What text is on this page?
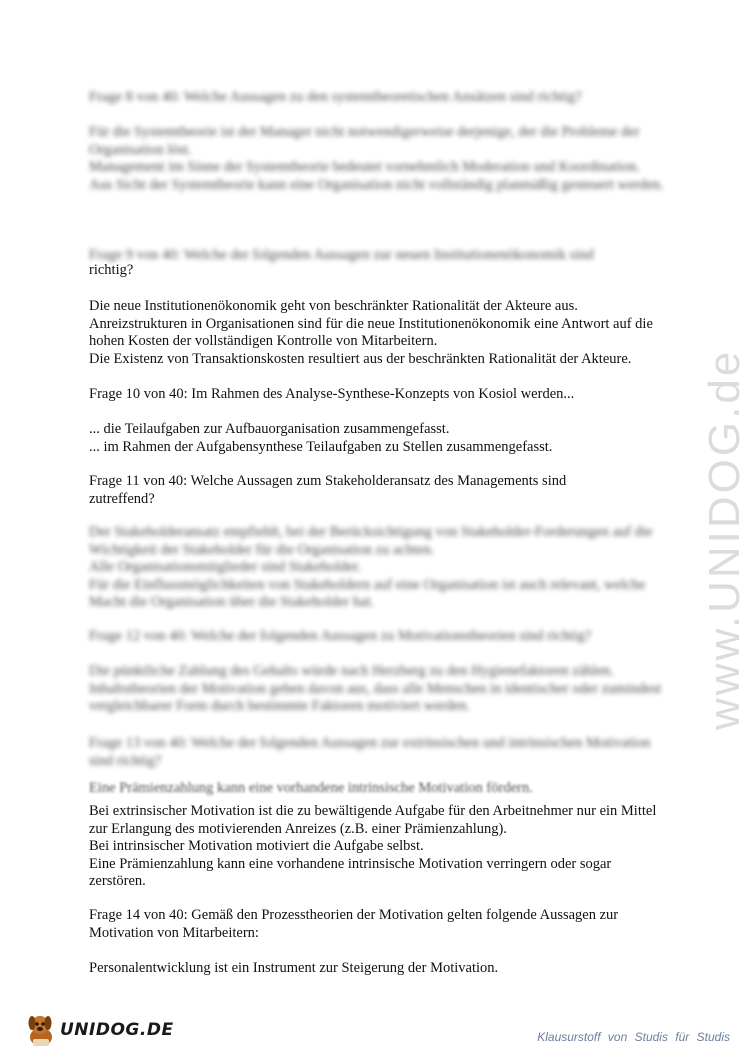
www.UNIDOG.de
Frage 8 von 40: Welche Aussagen zu den systemtheoretischen Ansätzen sind richtig?
Für die Systemtheorie ist der Manager nicht notwendigerweise derjenige, der die Probleme der Organisation löst.
Management im Sinne der Systemtheorie bedeutet vornehmlich Moderation und Koordination.
Aus Sicht der Systemtheorie kann eine Organisation nicht vollständig planmäßig gesteuert werden.
Frage 9 von 40: Welche der folgenden Aussagen zur neuen Institutionenökonomik sind
richtig?
Die neue Institutionenökonomik geht von beschränkter Rationalität der Akteure aus.
Anreizstrukturen in Organisationen sind für die neue Institutionenökonomik eine Antwort auf die hohen Kosten der vollständigen Kontrolle von Mitarbeitern.
Die Existenz von Transaktionskosten resultiert aus der beschränkten Rationalität der Akteure.
Frage 10 von 40: Im Rahmen des Analyse-Synthese-Konzepts von Kosiol werden...
... die Teilaufgaben zur Aufbauorganisation zusammengefasst.
... im Rahmen der Aufgabensynthese Teilaufgaben zu Stellen zusammengefasst.
Frage 11 von 40: Welche Aussagen zum Stakeholderansatz des Managements sind zutreffend?
Der Stakeholderansatz empfiehlt, bei der Berücksichtigung von Stakeholder-Forderungen auf die Wichtigkeit der Stakeholder für die Organisation zu achten.
Alle Organisationsmitglieder sind Stakeholder.
Für die Einflussmöglichkeiten von Stakeholdern auf eine Organisation ist auch relevant, welche Macht die Organisation über die Stakeholder hat.
Frage 12 von 40: Welche der folgenden Aussagen zu Motivationstheorien sind richtig?
Die pünktliche Zahlung des Gehalts würde nach Herzberg zu den Hygienefaktoren zählen.
Inhaltstheorien der Motivation gehen davon aus, dass alle Menschen in identischer oder zumindest vergleichbarer Form durch bestimmte Faktoren motiviert werden.
Frage 13 von 40: Welche der folgenden Aussagen zur extrinsischen und intrinsischen Motivation sind richtig?
Eine Prämienzahlung kann eine vorhandene intrinsische Motivation fördern.
Bei extrinsischer Motivation ist die zu bewältigende Aufgabe für den Arbeitnehmer nur ein Mittel zur Erlangung des motivierenden Anreizes (z.B. einer Prämienzahlung).
Bei intrinsischer Motivation motiviert die Aufgabe selbst.
Eine Prämienzahlung kann eine vorhandene intrinsische Motivation verringern oder sogar zerstören.
Frage 14 von 40: Gemäß den Prozesstheorien der Motivation gelten folgende Aussagen zur Motivation von Mitarbeitern:
Personalentwicklung ist ein Instrument zur Steigerung der Motivation.
UNIDOG.DE	Klausurstoff von Studis für Studis
